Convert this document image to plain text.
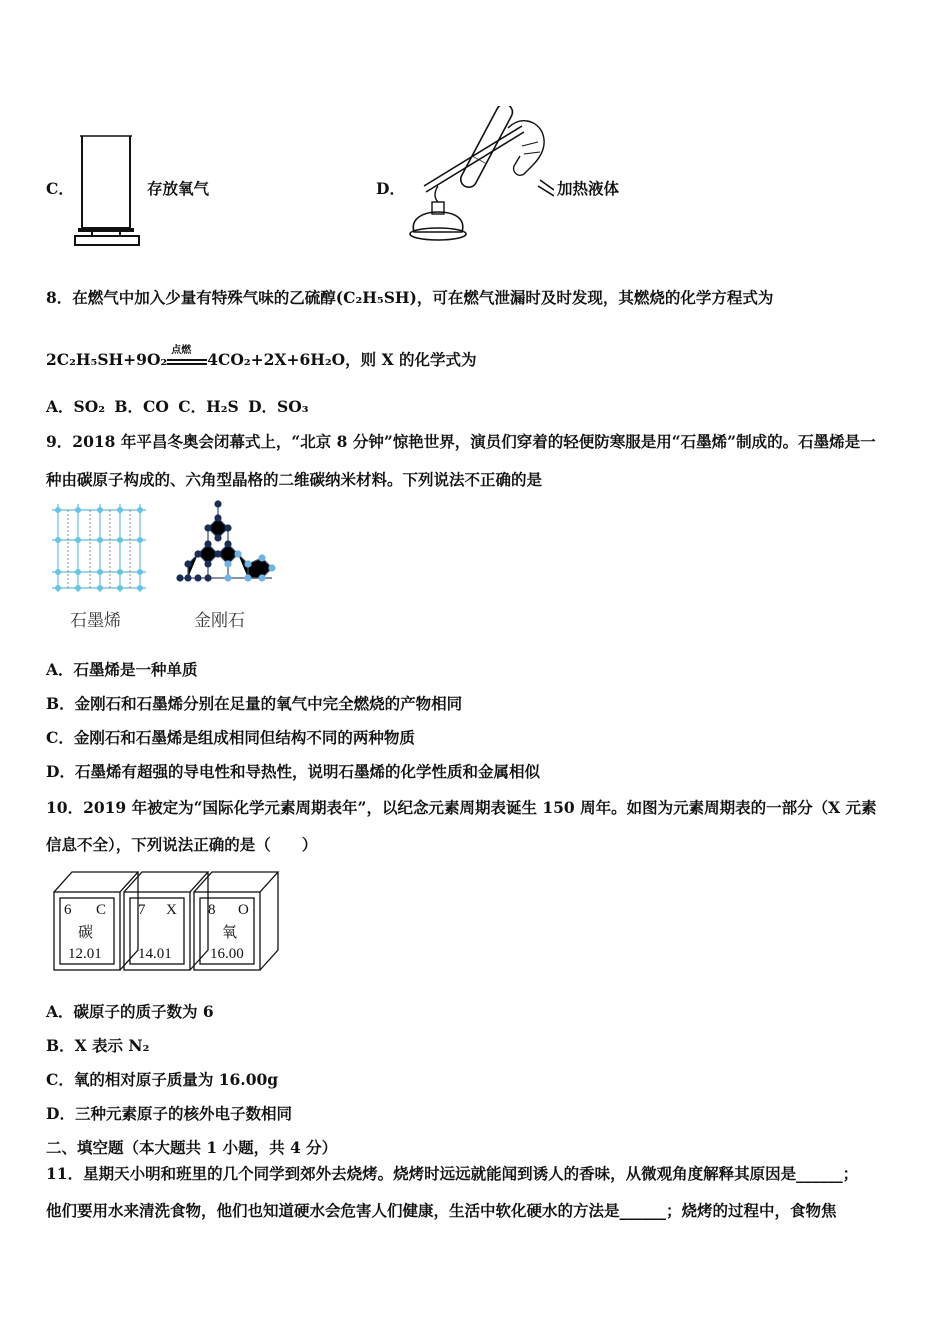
C．	存放氧气	D．	加热液体
8．在燃气中加入少量有特殊气味的乙硫醇(C₂H₅SH)，可在燃气泄漏时及时发现，其燃烧的化学方程式为
2C₂H₅SH+9O₂ 点燃 4CO₂+2X+6H₂O，则 X 的化学式为
A．SO₂ B．CO C．H₂S D．SO₃
9．2018 年平昌冬奥会闭幕式上，“北京 8 分钟”惊艳世界，演员们穿着的轻便防寒服是用“石墨烯”制成的。石墨烯是一
种由碳原子构成的、六角型晶格的二维碳纳米材料。下列说法不正确的是
石墨烯	金刚石
A．石墨烯是一种单质
B．金刚石和石墨烯分别在足量的氧气中完全燃烧的产物相同
C．金刚石和石墨烯是组成相同但结构不同的两种物质
D．石墨烯有超强的导电性和导热性，说明石墨烯的化学性质和金属相似
10．2019 年被定为“国际化学元素周期表年”，以纪念元素周期表诞生 150 周年。如图为元素周期表的一部分（X 元素
信息不全），下列说法正确的是（　　）
6 C
碳
12.01
7 X
14.01
8 O
氧
16.00
A．碳原子的质子数为 6
B．X 表示 N₂
C．氧的相对原子质量为 16.00g
D．三种元素原子的核外电子数相同
二、填空题（本大题共 1 小题，共 4 分）
11．星期天小明和班里的几个同学到郊外去烧烤。烧烤时远远就能闻到诱人的香味，从微观角度解释其原因是______；
他们要用水来清洗食物，他们也知道硬水会危害人们健康，生活中软化硬水的方法是______；烧烤的过程中，食物焦
